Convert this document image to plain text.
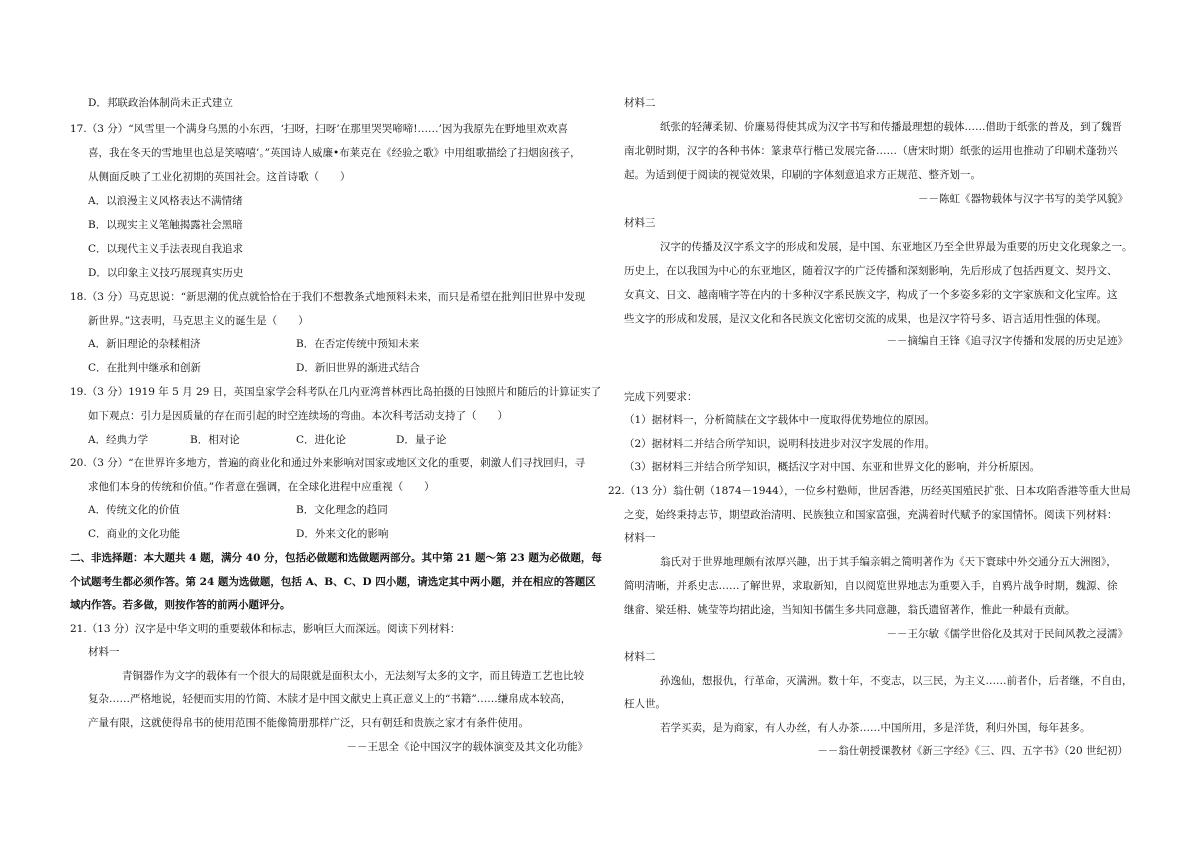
D．邦联政治体制尚未正式建立
17.（3 分）“风雪里一个满身乌黑的小东西，‘扫呀，扫呀’在那里哭哭啼啼!……’因为我原先在野地里欢欢喜
喜，我在冬天的雪地里也总是笑嘻嘻’。”英国诗人威廉•布莱克在《经验之歌》中用组歌描绘了扫烟囱孩子，
从侧面反映了工业化初期的英国社会。这首诗歌（　　）
A．以浪漫主义风格表达不满情绪
B．以现实主义笔触揭露社会黑暗
C．以现代主义手法表现自我追求
D．以印象主义技巧展现真实历史
18.（3 分）马克思说：“新思潮的优点就恰恰在于我们不想教条式地预料未来，而只是希望在批判旧世界中发现
新世界。”这表明，马克思主义的诞生是（　　）
A．新旧理论的杂糅相济	B．在否定传统中预知未来
C．在批判中继承和创新	D．新旧世界的渐进式结合
19.（3 分）1919 年 5 月 29 日，英国皇家学会科考队在几内亚湾普林西比岛拍摄的日蚀照片和随后的计算证实了
如下观点：引力是因质量的存在而引起的时空连续场的弯曲。本次科考活动支持了（　　）
A．经典力学	B．相对论	C．进化论	D．量子论
20.（3 分）“在世界许多地方，普遍的商业化和通过外来影响对国家或地区文化的重要，刺激人们寻找回归，寻
求他们本身的传统和价值。”作者意在强调，在全球化进程中应重视（　　）
A．传统文化的价值	B．文化理念的趋同
C．商业的文化功能	D．外来文化的影响
二、非选择题：本大题共 4 题，满分 40 分，包括必做题和选做题两部分。其中第 21 题～第 23 题为必做题，每
个试题考生都必须作答。第 24 题为选做题，包括 A、B、C、D 四小题，请选定其中两小题，并在相应的答题区
域内作答。若多做，则按作答的前两小题评分。
21.（13 分）汉字是中华文明的重要载体和标志，影响巨大而深远。阅读下列材料：
材料一
青铜器作为文字的载体有一个很大的局限就是面积太小，无法刻写太多的文字，而且铸造工艺也比较
复杂……严格地说，轻便而实用的竹简、木牍才是中国文献史上真正意义上的“书籍”……缣帛成本较高，
产量有限，这就使得帛书的使用范围不能像简册那样广泛，只有朝廷和贵族之家才有条件使用。
－－王思全《论中国汉字的载体演变及其文化功能》
材料二
纸张的轻薄柔韧、价廉易得使其成为汉字书写和传播最理想的载体……借助于纸张的普及，到了魏晋
南北朝时期，汉字的各种书体：篆隶草行楷已发展完备……（唐宋时期）纸张的运用也推动了印刷术蓬勃兴
起。为适到便于阅读的视觉效果，印刷的字体刻意追求方正规范、整齐划一。
－－陈虹《器物载体与汉字书写的美学风貌》
材料三
汉字的传播及汉字系文字的形成和发展，是中国、东亚地区乃至全世界最为重要的历史文化现象之一。
历史上，在以我国为中心的东亚地区，随着汉字的广泛传播和深刻影响，先后形成了包括西夏文、契丹文、
女真文、日文、越南喃字等在内的十多种汉字系民族文字，构成了一个多姿多彩的文字家族和文化宝库。这
些文字的形成和发展，是汉文化和各民族文化密切交流的成果，也是汉字符号多、语言适用性强的体现。
－－摘编自王锋《追寻汉字传播和发展的历史足迹》
完成下列要求：
（1）据材料一，分析简牍在文字载体中一度取得优势地位的原因。
（2）据材料二并结合所学知识，说明科技进步对汉字发展的作用。
（3）据材料三并结合所学知识，概括汉字对中国、东亚和世界文化的影响，并分析原因。
22.（13 分）翁仕朝（1874－1944），一位乡村塾师，世居香港，历经英国殖民扩张、日本攻陷香港等重大世局
之变，始终秉持志节，期望政治清明、民族独立和国家富强，充满着时代赋予的家国情怀。阅读下列材料：
材料一
翁氏对于世界地理颇有浓厚兴趣，出于其手编亲辑之简明著作为《天下寰球中外交通分五大洲图》，
简明清晰，并系史志……了解世界，求取新知，自以阅览世界地志为重要入手，自鸦片战争时期，魏源、徐
继畲、梁廷枏、姚莹等均捃此途，当知知书儒生多共同意趣，翁氏遗留著作，惟此一种最有贡献。
－－王尔敏《儒学世俗化及其对于民间风教之浸濡》
材料二
孙逸仙，想报仇，行革命，灭满洲。数十年，不变志，以三民，为主义……前者仆，后者继，不自由，
枉人世。
若学买卖，是为商家，有人办丝，有人办茶……中国所用，多是洋货，利归外国，每年甚多。
－－翁仕朝授课教材《新三字经》《三、四、五字书》（20 世纪初）
